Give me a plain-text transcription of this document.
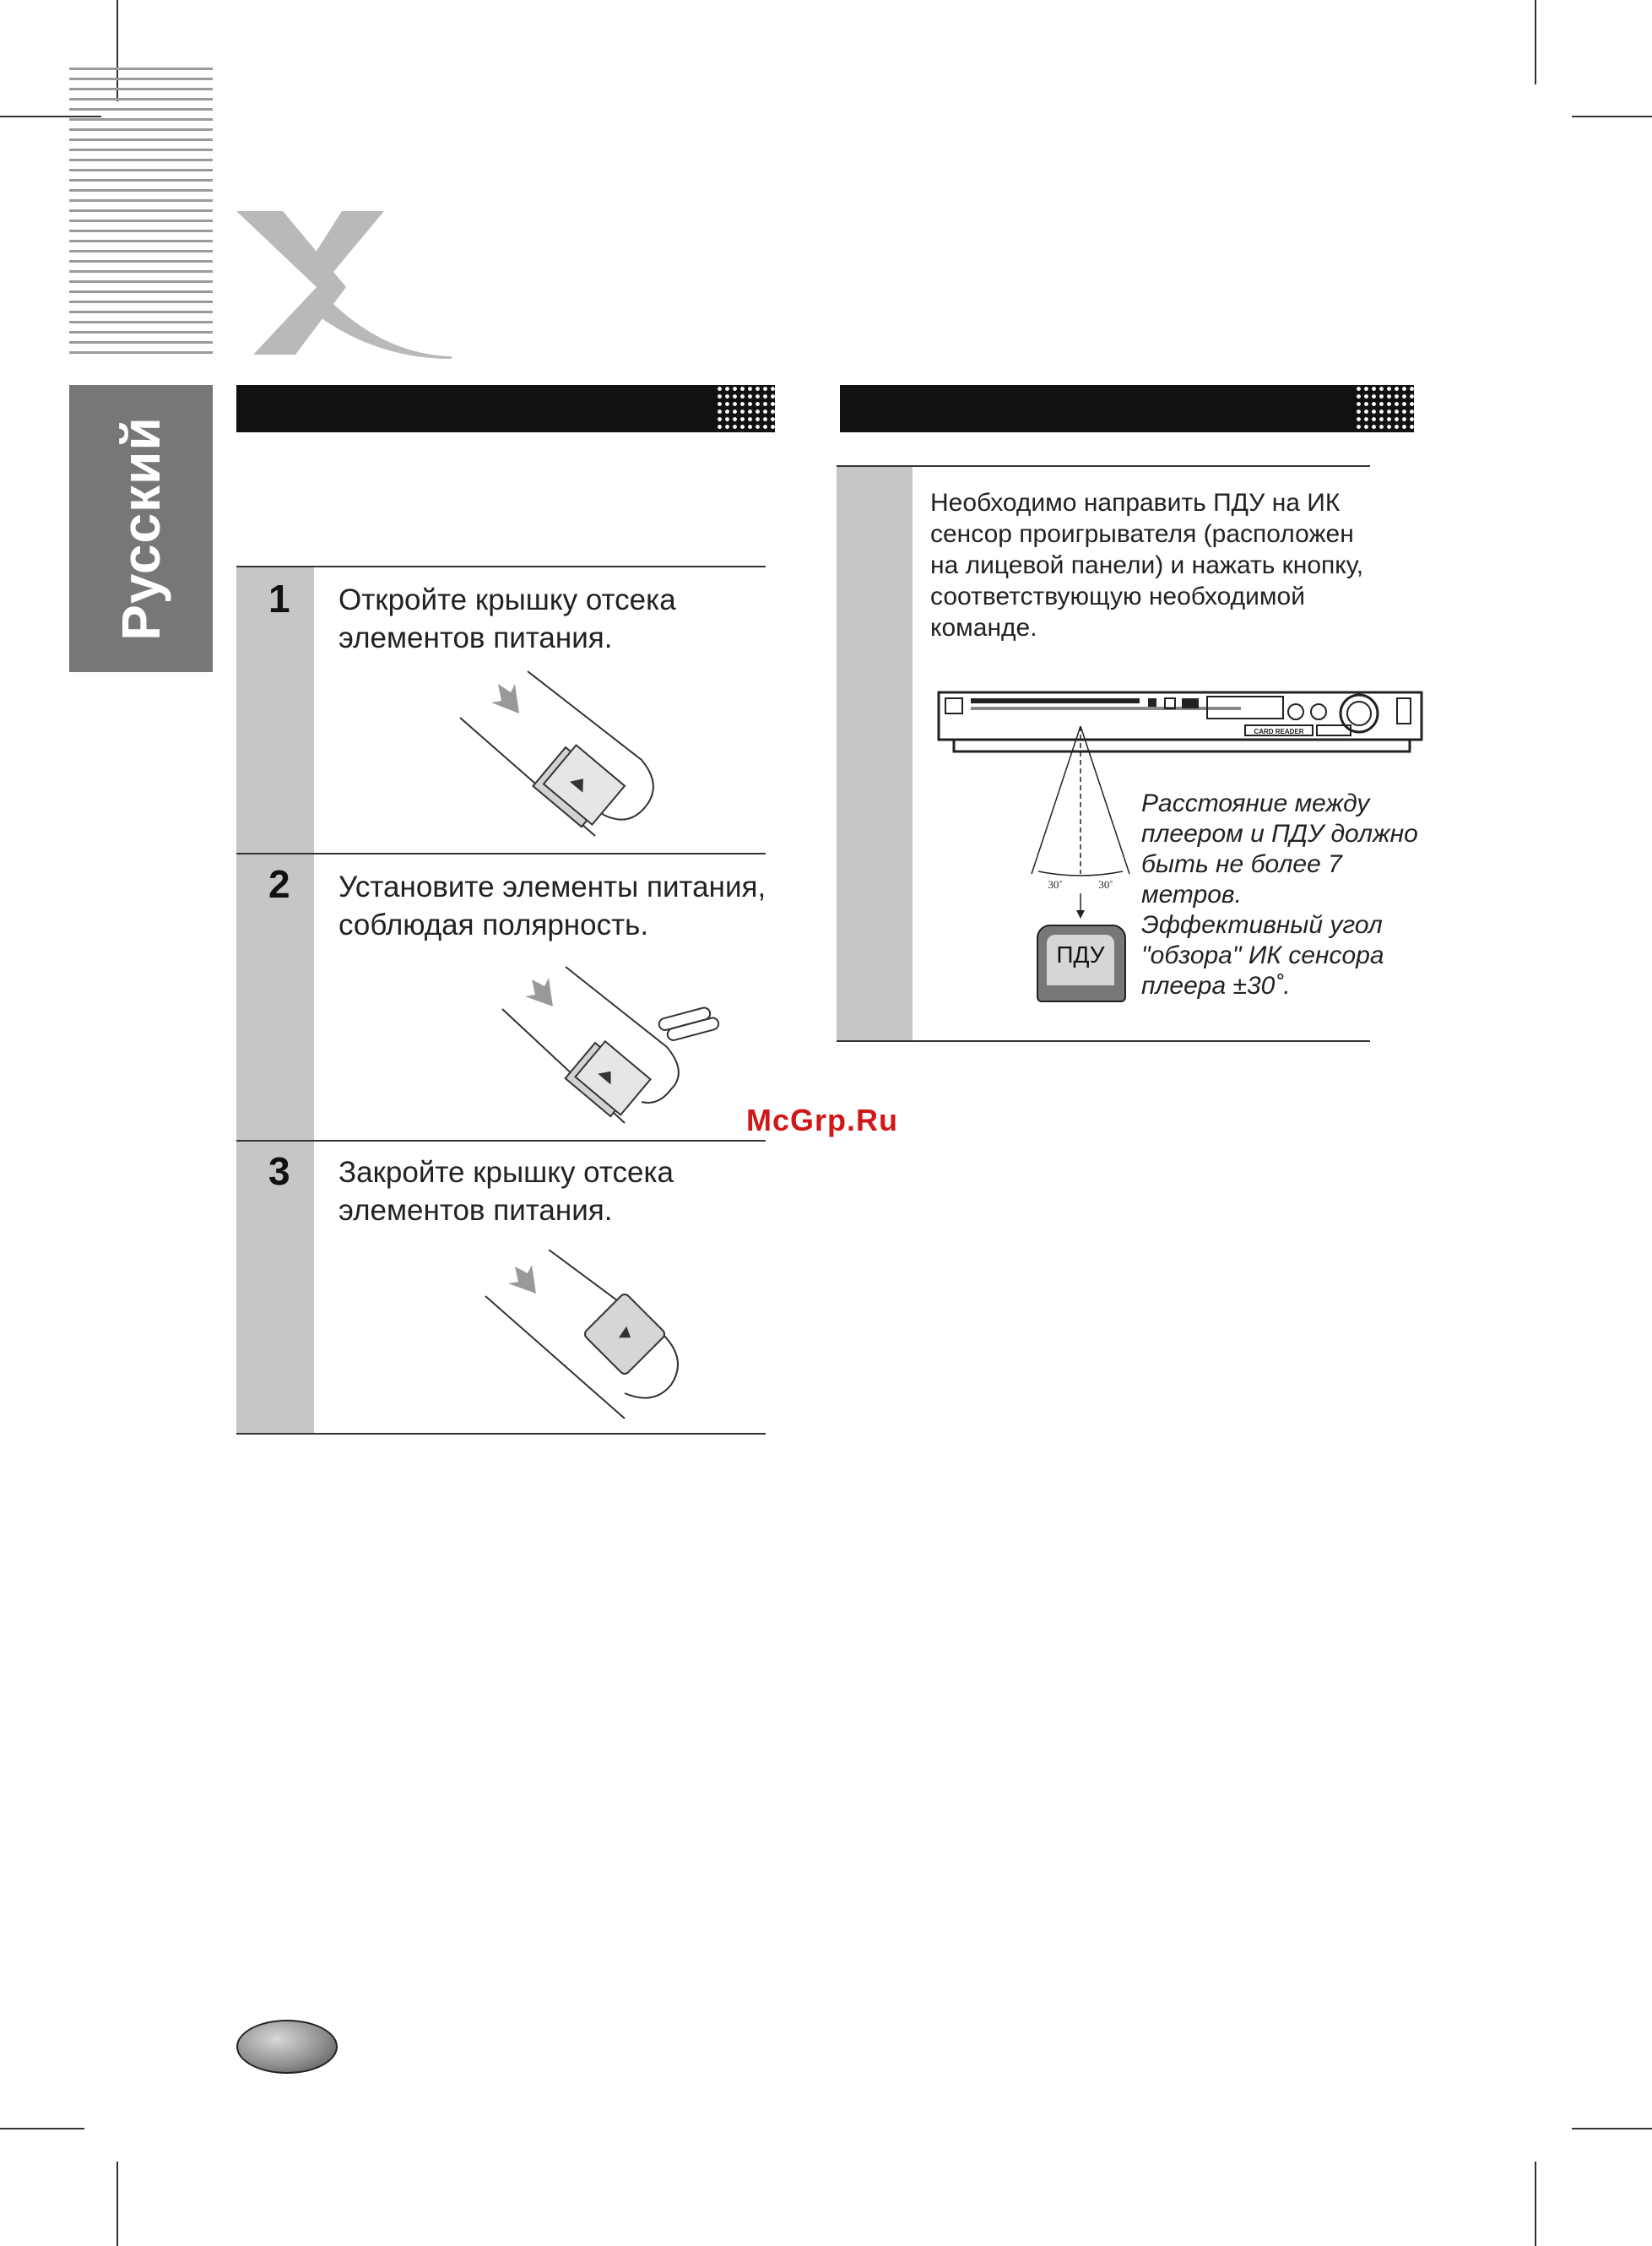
Русский	1 Откройте крышку отсека элементов питания.
2 Установите элементы питания, соблюдая полярность.
3 Закройте крышку отсека элементов питания.
Необходимо направить ПДУ на ИК сенсор проигрывателя (расположен на лицевой панели) и нажать кнопку, соответствующую необходимой команде.
CARD READER
30˚	30˚
ПДУ
Расстояние между плеером и ПДУ должно быть не более 7 метров. Эффективный угол "обзора" ИК сенсора плеера ±30˚.
McGrp.Ru
